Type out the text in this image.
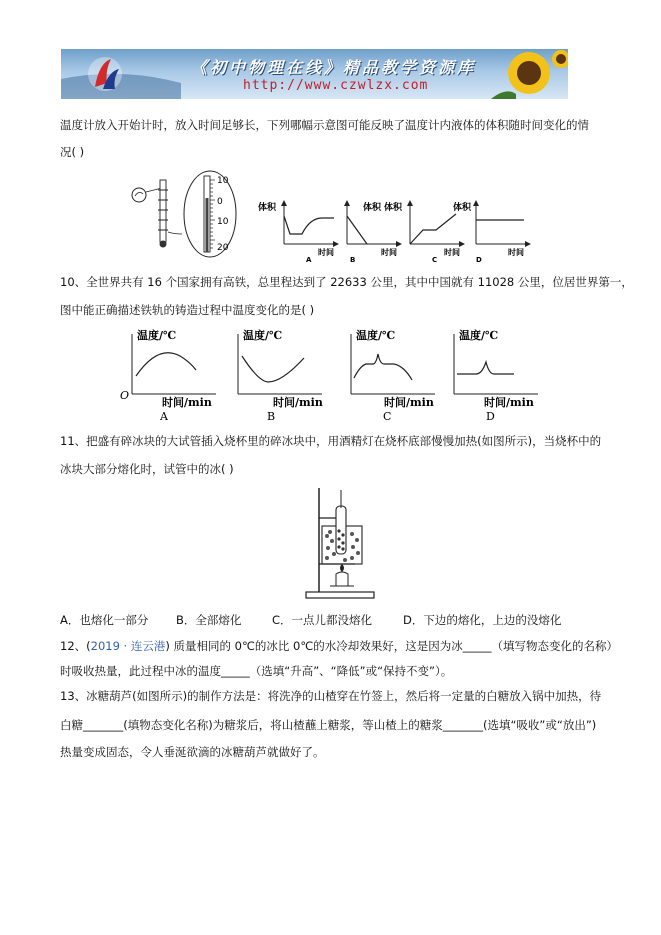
《初中物理在线》精品教学资源库
http://www.czwlzx.com
温度计放入开始计时，放入时间足够长，下列哪幅示意图可能反映了温度计内液体的体积随时间变化的情
况( )
10
0
10
20
体积
时间
A
体积
时间
B
体积
时间
C
体积
时间
D
10、全世界共有 16 个国家拥有高铁，总里程达到了 22633 公里，其中中国就有 11028 公里，位居世界第一，
图中能正确描述铁轨的铸造过程中温度变化的是( )
温度/℃
O
时间/min
A
温度/℃
时间/min
B
温度/℃
时间/min
C
温度/℃
时间/min
D
11、把盛有碎冰块的大试管插入烧杯里的碎冰块中，用酒精灯在烧杯底部慢慢加热(如图所示)，当烧杯中的
冰块大部分熔化时，试管中的冰( )
A．也熔化一部分 B．全部熔化	C．一点儿都没熔化	D．下边的熔化，上边的没熔化
12、(2019 · 连云港) 质量相同的 0℃的冰比 0℃的水冷却效果好，这是因为冰_____（填写物态变化的名称）
时吸收热量，此过程中冰的温度_____（选填“升高”、“降低”或“保持不变”）。
13、冰糖葫芦(如图所示)的制作方法是：将洗净的山楂穿在竹签上，然后将一定量的白糖放入锅中加热，待
白糖_______(填物态变化名称)为糖浆后，将山楂蘸上糖浆，等山楂上的糖浆_______(选填“吸收”或“放出”)
热量变成固态，令人垂涎欲滴的冰糖葫芦就做好了。
